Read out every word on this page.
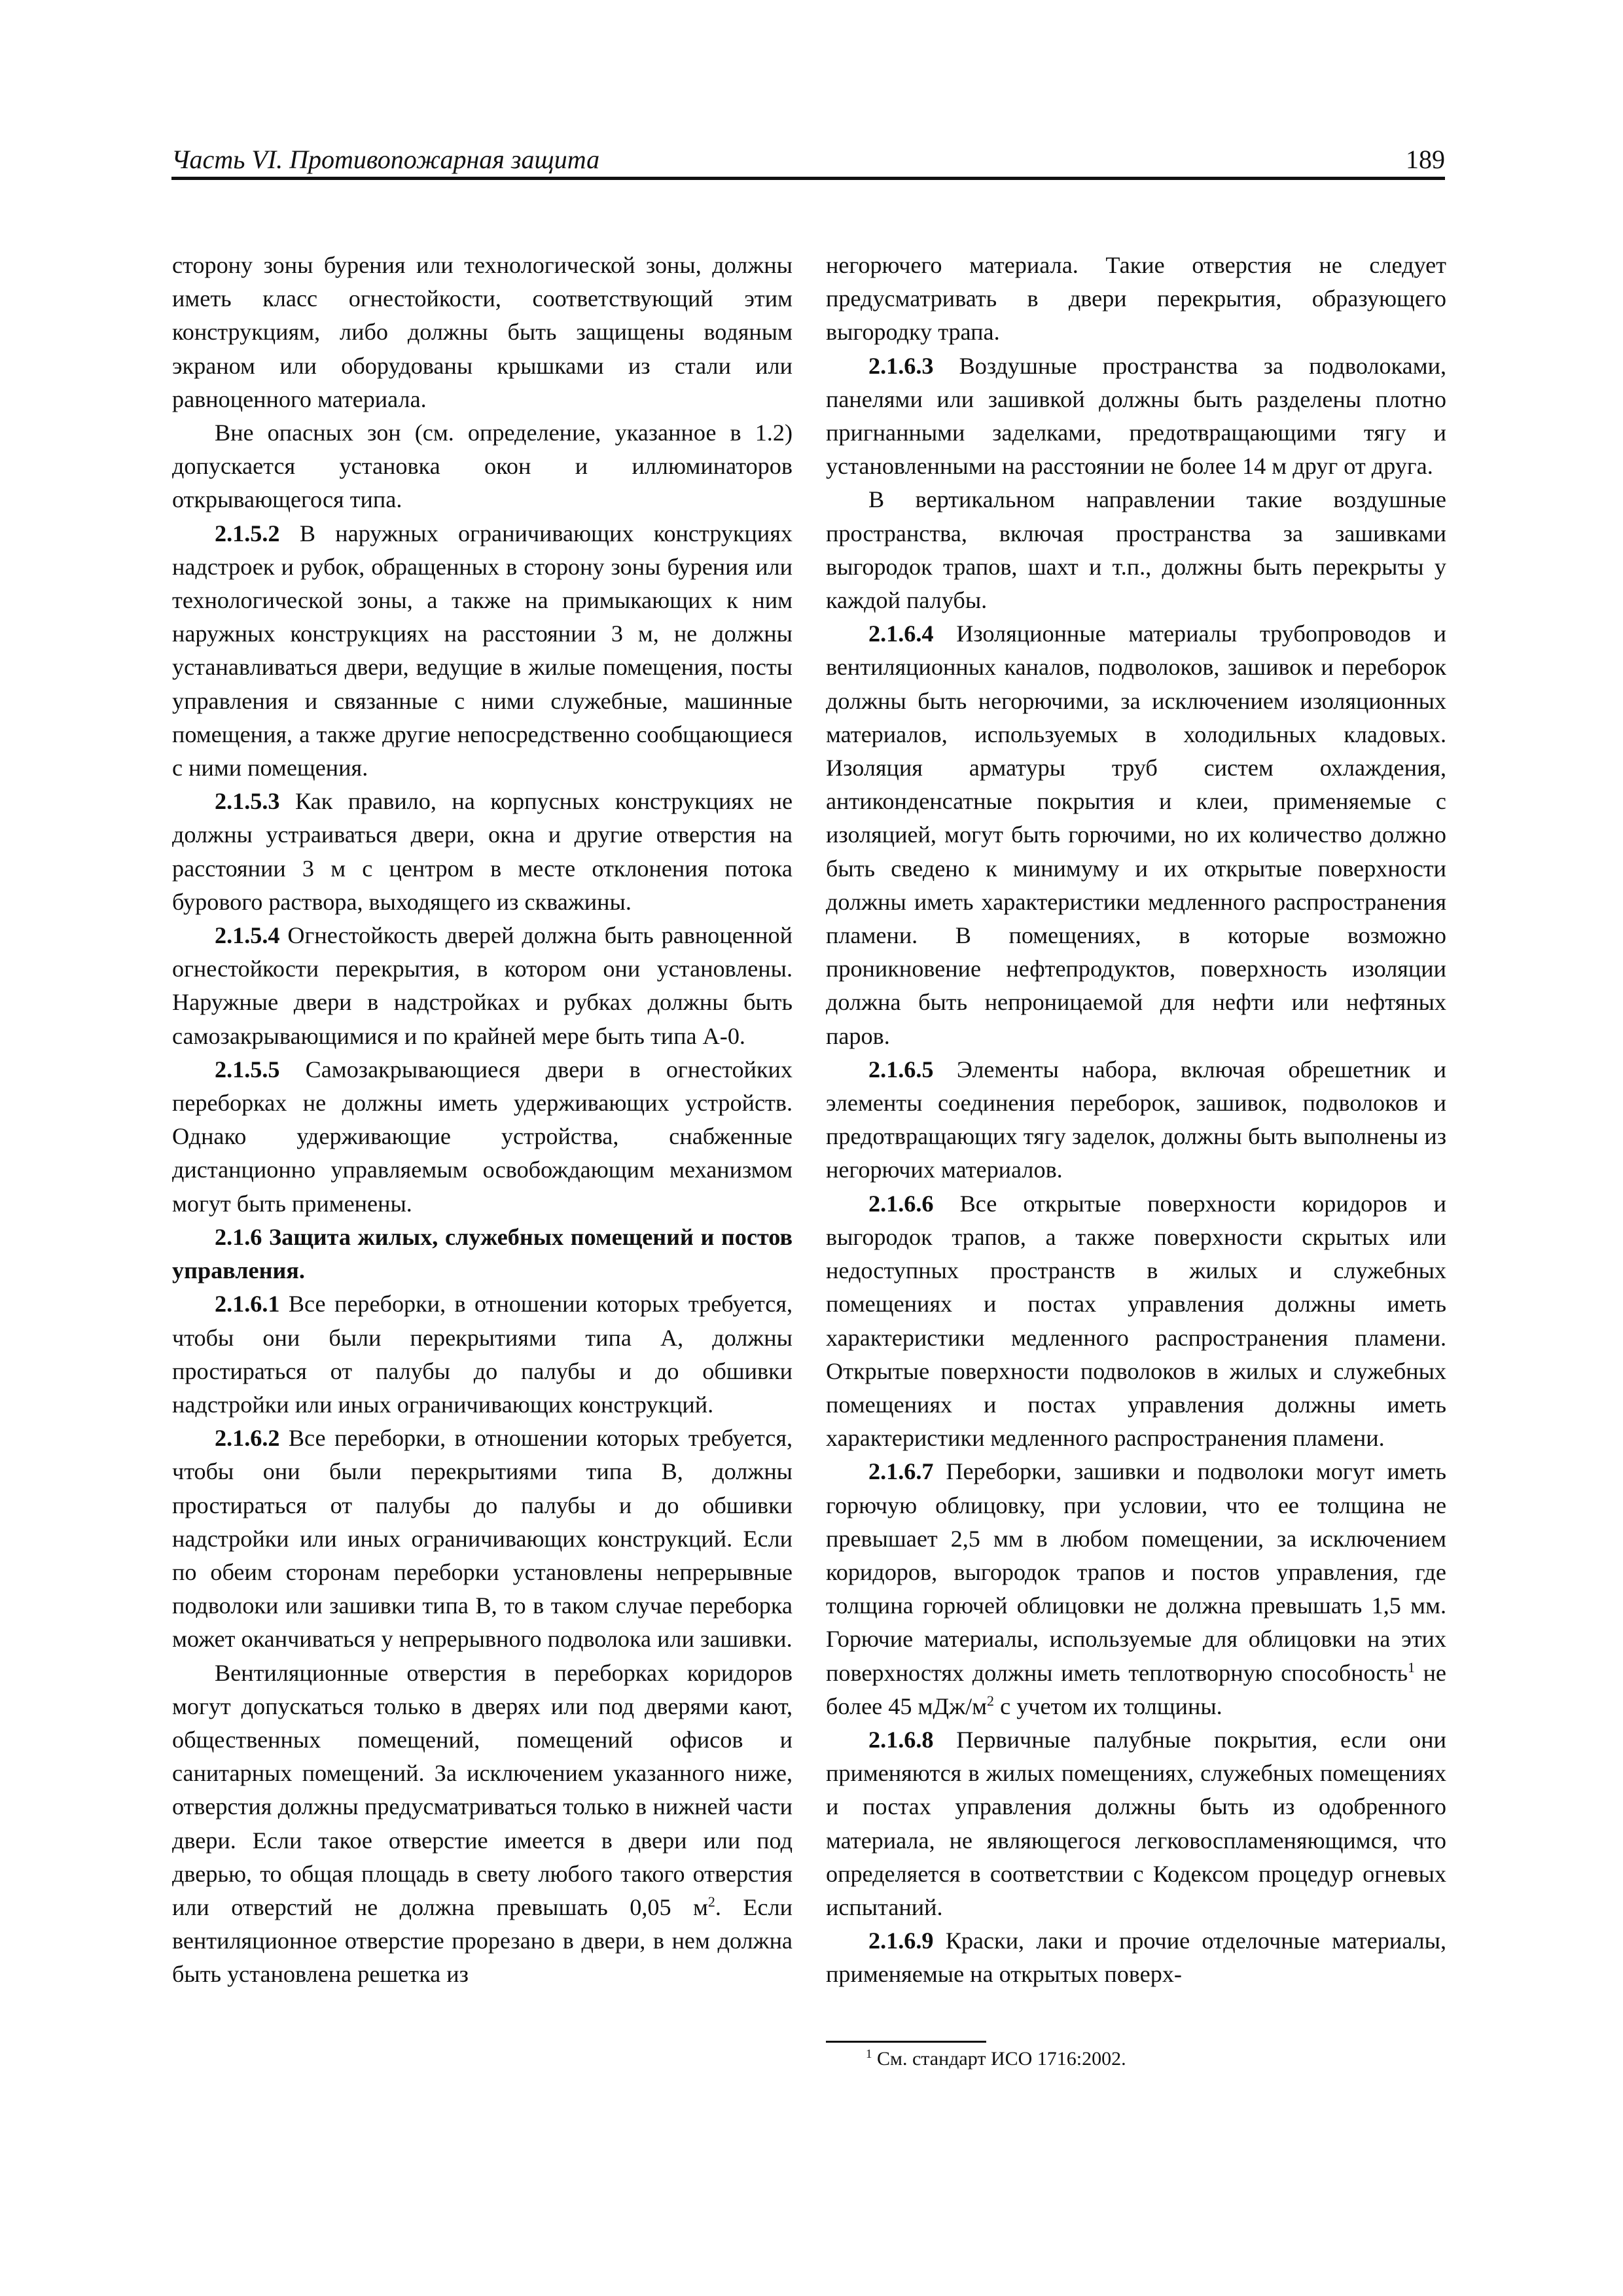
Часть VI. Противопожарная защита	189

сторону зоны бурения или технологической зоны, должны иметь класс огнестойкости, соответствующий этим конструкциям, либо должны быть защищены водяным экраном или оборудованы крышками из стали или равноценного материала.

Вне опасных зон (см. определение, указанное в 1.2) допускается установка окон и иллюминаторов открывающегося типа.

2.1.5.2 В наружных ограничивающих конструкциях надстроек и рубок, обращенных в сторону зоны бурения или технологической зоны, а также на примыкающих к ним наружных конструкциях на расстоянии 3 м, не должны устанавливаться двери, ведущие в жилые помещения, посты управления и связанные с ними служебные, машинные помещения, а также другие непосредственно сообщающиеся с ними помещения.

2.1.5.3 Как правило, на корпусных конструкциях не должны устраиваться двери, окна и другие отверстия на расстоянии 3 м с центром в месте отклонения потока бурового раствора, выходящего из скважины.

2.1.5.4 Огнестойкость дверей должна быть равноценной огнестойкости перекрытия, в котором они установлены. Наружные двери в надстройках и рубках должны быть самозакрывающимися и по крайней мере быть типа А-0.

2.1.5.5 Самозакрывающиеся двери в огнестойких переборках не должны иметь удерживающих устройств. Однако удерживающие устройства, снабженные дистанционно управляемым освобождающим механизмом могут быть применены.

2.1.6 Защита жилых, служебных помещений и постов управления.

2.1.6.1 Все переборки, в отношении которых требуется, чтобы они были перекрытиями типа А, должны простираться от палубы до палубы и до обшивки надстройки или иных ограничивающих конструкций.

2.1.6.2 Все переборки, в отношении которых требуется, чтобы они были перекрытиями типа В, должны простираться от палубы до палубы и до обшивки надстройки или иных ограничивающих конструкций. Если по обеим сторонам переборки установлены непрерывные подволоки или зашивки типа В, то в таком случае переборка может оканчиваться у непрерывного подволока или зашивки.

Вентиляционные отверстия в переборках коридоров могут допускаться только в дверях или под дверями кают, общественных помещений, помещений офисов и санитарных помещений. За исключением указанного ниже, отверстия должны предусматриваться только в нижней части двери. Если такое отверстие имеется в двери или под дверью, то общая площадь в свету любого такого отверстия или отверстий не должна превышать 0,05 $м^2$. Если вентиляционное отверстие прорезано в двери, в нем должна быть установлена решетка из

негорючего материала. Такие отверстия не следует предусматривать в двери перекрытия, образующего выгородку трапа.

2.1.6.3 Воздушные пространства за подволоками, панелями или зашивкой должны быть разделены плотно пригнанными заделками, предотвращающими тягу и установленными на расстоянии не более 14 м друг от друга.

В вертикальном направлении такие воздушные пространства, включая пространства за зашивками выгородок трапов, шахт и т.п., должны быть перекрыты у каждой палубы.

2.1.6.4 Изоляционные материалы трубопроводов и вентиляционных каналов, подволоков, зашивок и переборок должны быть негорючими, за исключением изоляционных материалов, используемых в холодильных кладовых. Изоляция арматуры труб систем охлаждения, антиконденсатные покрытия и клеи, применяемые с изоляцией, могут быть горючими, но их количество должно быть сведено к минимуму и их открытые поверхности должны иметь характеристики медленного распространения пламени. В помещениях, в которые возможно проникновение нефтепродуктов, поверхность изоляции должна быть непроницаемой для нефти или нефтяных паров.

2.1.6.5 Элементы набора, включая обрешетник и элементы соединения переборок, зашивок, подволоков и предотвращающих тягу заделок, должны быть выполнены из негорючих материалов.

2.1.6.6 Все открытые поверхности коридоров и выгородок трапов, а также поверхности скрытых или недоступных пространств в жилых и служебных помещениях и постах управления должны иметь характеристики медленного распространения пламени. Открытые поверхности подволоков в жилых и служебных помещениях и постах управления должны иметь характеристики медленного распространения пламени.

2.1.6.7 Переборки, зашивки и подволоки могут иметь горючую облицовку, при условии, что ее толщина не превышает 2,5 мм в любом помещении, за исключением коридоров, выгородок трапов и постов управления, где толщина горючей облицовки не должна превышать 1,5 мм. Горючие материалы, используемые для облицовки на этих поверхностях должны иметь теплотворную способность$^1$ не более 45 мДж/$м^2$ с учетом их толщины.

2.1.6.8 Первичные палубные покрытия, если они применяются в жилых помещениях, служебных помещениях и постах управления должны быть из одобренного материала, не являющегося легковоспламеняющимся, что определяется в соответствии с Кодексом процедур огневых испытаний.

2.1.6.9 Краски, лаки и прочие отделочные материалы, применяемые на открытых поверх-

$^1$ См. стандарт ИСО 1716:2002.
